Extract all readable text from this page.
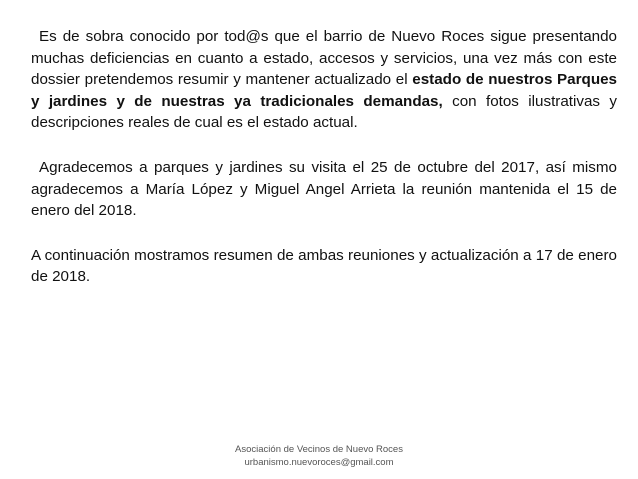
Es de sobra conocido por tod@s que el barrio de Nuevo Roces sigue presentando muchas deficiencias en cuanto a estado, accesos y servicios, una vez más con este dossier pretendemos resumir y mantener actualizado el estado de nuestros Parques y jardines y de nuestras ya tradicionales demandas, con fotos ilustrativas y descripciones reales de cual es el estado actual.

Agradecemos a parques y jardines su visita el 25 de octubre del 2017, así mismo agradecemos a María López y Miguel Angel Arrieta la reunión mantenida el 15 de enero del 2018.

A continuación mostramos resumen de ambas reuniones y actualización a 17 de enero de 2018.

Asociación de Vecinos de Nuevo Roces
urbanismo.nuevoroces@gmail.com
